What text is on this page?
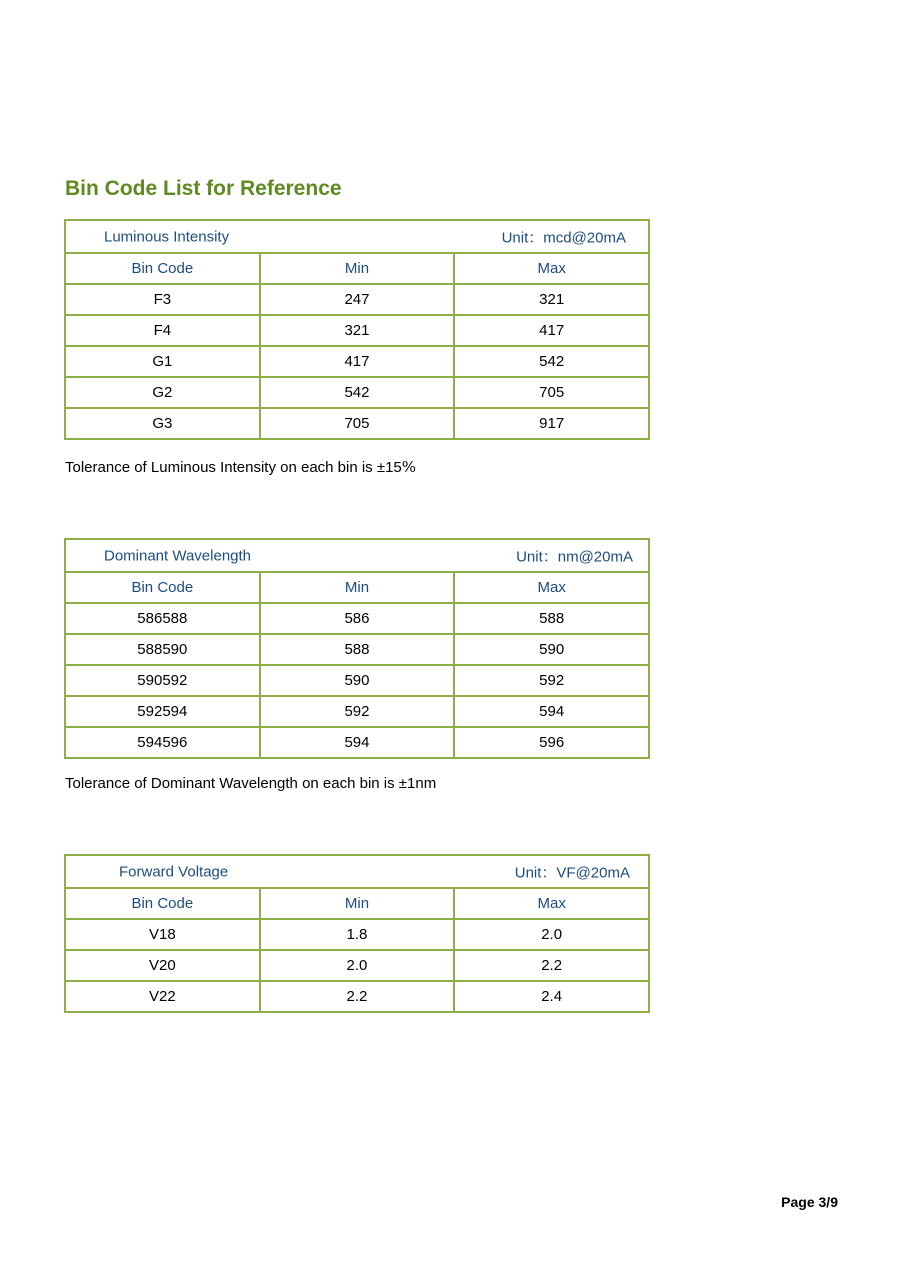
Bin Code List for Reference
Luminous Intensity Unit：mcd@20mA		

Bin Code	Min	Max
F3	247	321
F4	321	417
G1	417	542
G2	542	705
G3	705	917

Tolerance of Luminous Intensity on each bin is ±15%

Dominant Wavelength Unit：nm@20mA		

Bin Code	Min	Max
586588	586	588
588590	588	590
590592	590	592
592594	592	594
594596	594	596

Tolerance of Dominant Wavelength on each bin is ±1nm

Forward Voltage Unit：VF@20mA		

Bin Code	Min	Max
V18	1.8	2.0
V20	2.0	2.2
V22	2.2	2.4

Page 3/9
